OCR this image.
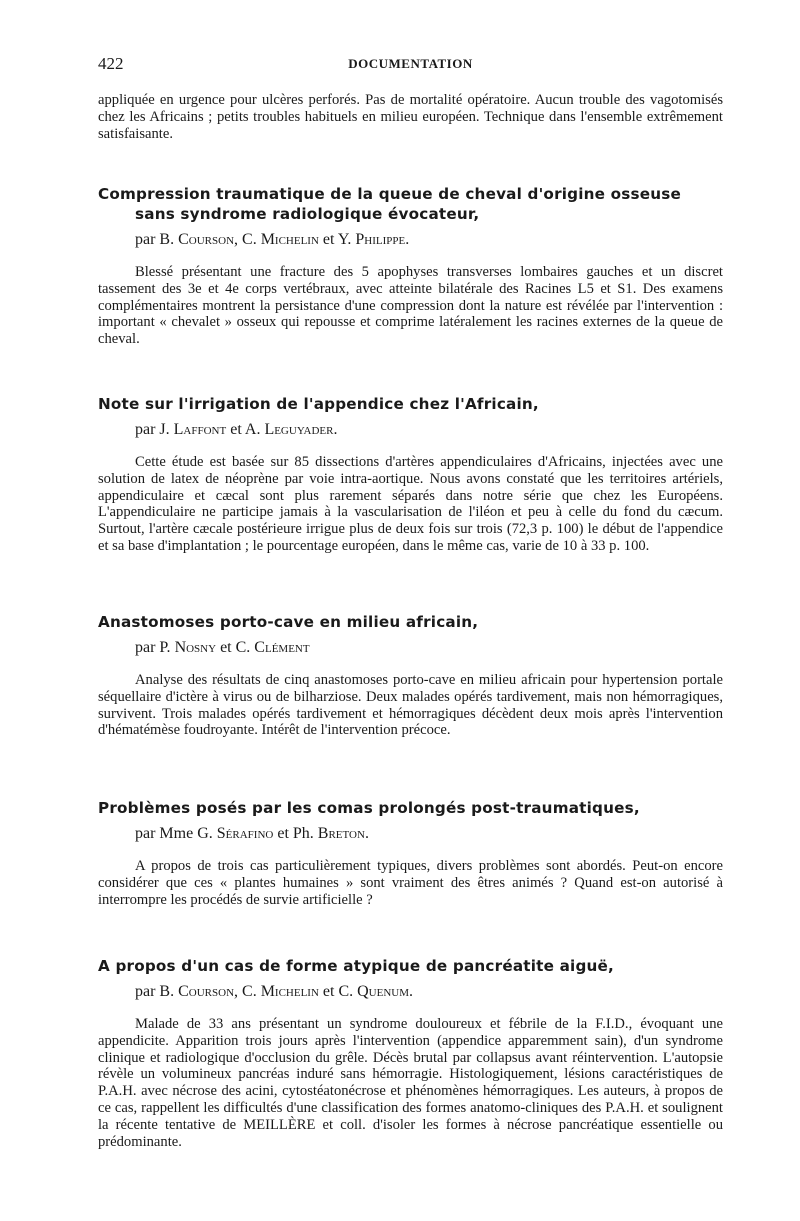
422	DOCUMENTATION

appliquée en urgence pour ulcères perforés. Pas de mortalité opératoire. Aucun trouble des vagotomisés chez les Africains ; petits troubles habituels en milieu européen. Technique dans l'ensemble extrêmement satisfaisante.

Compression traumatique de la queue de cheval d'origine osseuse sans syndrome radiologique évocateur,
par B. Courson, C. Michelin et Y. Philippe.

Blessé présentant une fracture des 5 apophyses transverses lombaires gauches et un discret tassement des 3e et 4e corps vertébraux, avec atteinte bilatérale des Racines L5 et S1. Des examens complémentaires montrent la persistance d'une compression dont la nature est révélée par l'intervention : important « chevalet » osseux qui repousse et comprime latéralement les racines externes de la queue de cheval.

Note sur l'irrigation de l'appendice chez l'Africain,
par J. Laffont et A. Leguyader.

Cette étude est basée sur 85 dissections d'artères appendiculaires d'Africains, injectées avec une solution de latex de néoprène par voie intra-aortique. Nous avons constaté que les territoires artériels, appendiculaire et cæcal sont plus rarement séparés dans notre série que chez les Européens. L'appendiculaire ne participe jamais à la vascularisation de l'iléon et peu à celle du fond du cæcum. Surtout, l'artère cæcale postérieure irrigue plus de deux fois sur trois (72,3 p. 100) le début de l'appendice et sa base d'implantation ; le pourcentage européen, dans le même cas, varie de 10 à 33 p. 100.

Anastomoses porto-cave en milieu africain,
par P. Nosny et C. Clément

Analyse des résultats de cinq anastomoses porto-cave en milieu africain pour hypertension portale séquellaire d'ictère à virus ou de bilharziose. Deux malades opérés tardivement, mais non hémorragiques, survivent. Trois malades opérés tardivement et hémorragiques décèdent deux mois après l'intervention d'hématémèse foudroyante. Intérêt de l'intervention précoce.

Problèmes posés par les comas prolongés post-traumatiques,
par Mme G. Sérafino et Ph. Breton.

A propos de trois cas particulièrement typiques, divers problèmes sont abordés. Peut-on encore considérer que ces « plantes humaines » sont vraiment des êtres animés ? Quand est-on autorisé à interrompre les procédés de survie artificielle ?

A propos d'un cas de forme atypique de pancréatite aiguë,
par B. Courson, C. Michelin et C. Quenum.

Malade de 33 ans présentant un syndrome douloureux et fébrile de la F.I.D., évoquant une appendicite. Apparition trois jours après l'intervention (appendice apparemment sain), d'un syndrome clinique et radiologique d'occlusion du grêle. Décès brutal par collapsus avant réintervention. L'autopsie révèle un volumineux pancréas induré sans hémorragie. Histologiquement, lésions caractéristiques de P.A.H. avec nécrose des acini, cytostéatonécrose et phénomènes hémorragiques. Les auteurs, à propos de ce cas, rappellent les difficultés d'une classification des formes anatomo-cliniques des P.A.H. et soulignent la récente tentative de MEILLÈRE et coll. d'isoler les formes à nécrose pancréatique essentielle ou prédominante.
